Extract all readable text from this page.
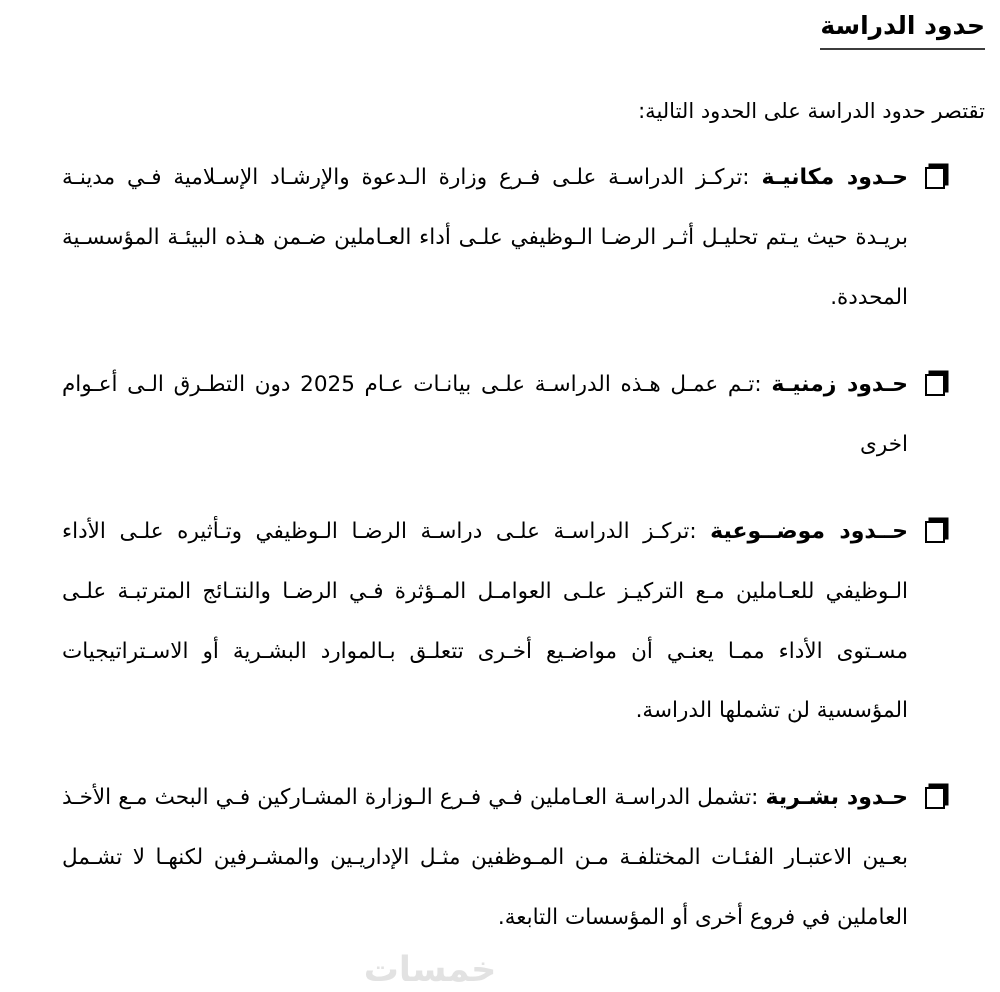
حدود الدراسة

تقتصر حدود الدراسة على الحدود التالية:

حـدود مكانيـة :تركـز الدراسـة علـى فـرع وزارة الـدعوة والإرشـاد الإسـلامية فـي مدينـة بريـدة حيث يـتم تحليـل أثـر الرضـا الـوظيفي علـى أداء العـاملين ضـمن هـذه البيئـة المؤسسـية المحددة.

حـدود زمنيـة :تـم عمـل هـذه الدراسـة علـى بيانـات عـام 2025 دون التطـرق الـى أعـوام اخرى

حــدود موضــوعية :تركـز الدراسـة علـى دراسـة الرضـا الـوظيفي وتـأثيره علـى الأداء الـوظيفي للعـاملين مـع التركيـز علـى العوامـل المـؤثرة فـي الرضـا والنتـائج المترتبـة علـى مسـتوى الأداء ممـا يعنـي أن مواضـيع أخـرى تتعلـق بـالموارد البشـرية أو الاسـتراتيجيات المؤسسية لن تشملها الدراسة.

حـدود بشـرية :تشمل الدراسـة العـاملين فـي فـرع الـوزارة المشـاركين فـي البحث مـع الأخـذ بعـين الاعتبـار الفئـات المختلفـة مـن المـوظفين مثـل الإداريـين والمشـرفين لكنهـا لا تشـمل العاملين في فروع أخرى أو المؤسسات التابعة.

خمسات
